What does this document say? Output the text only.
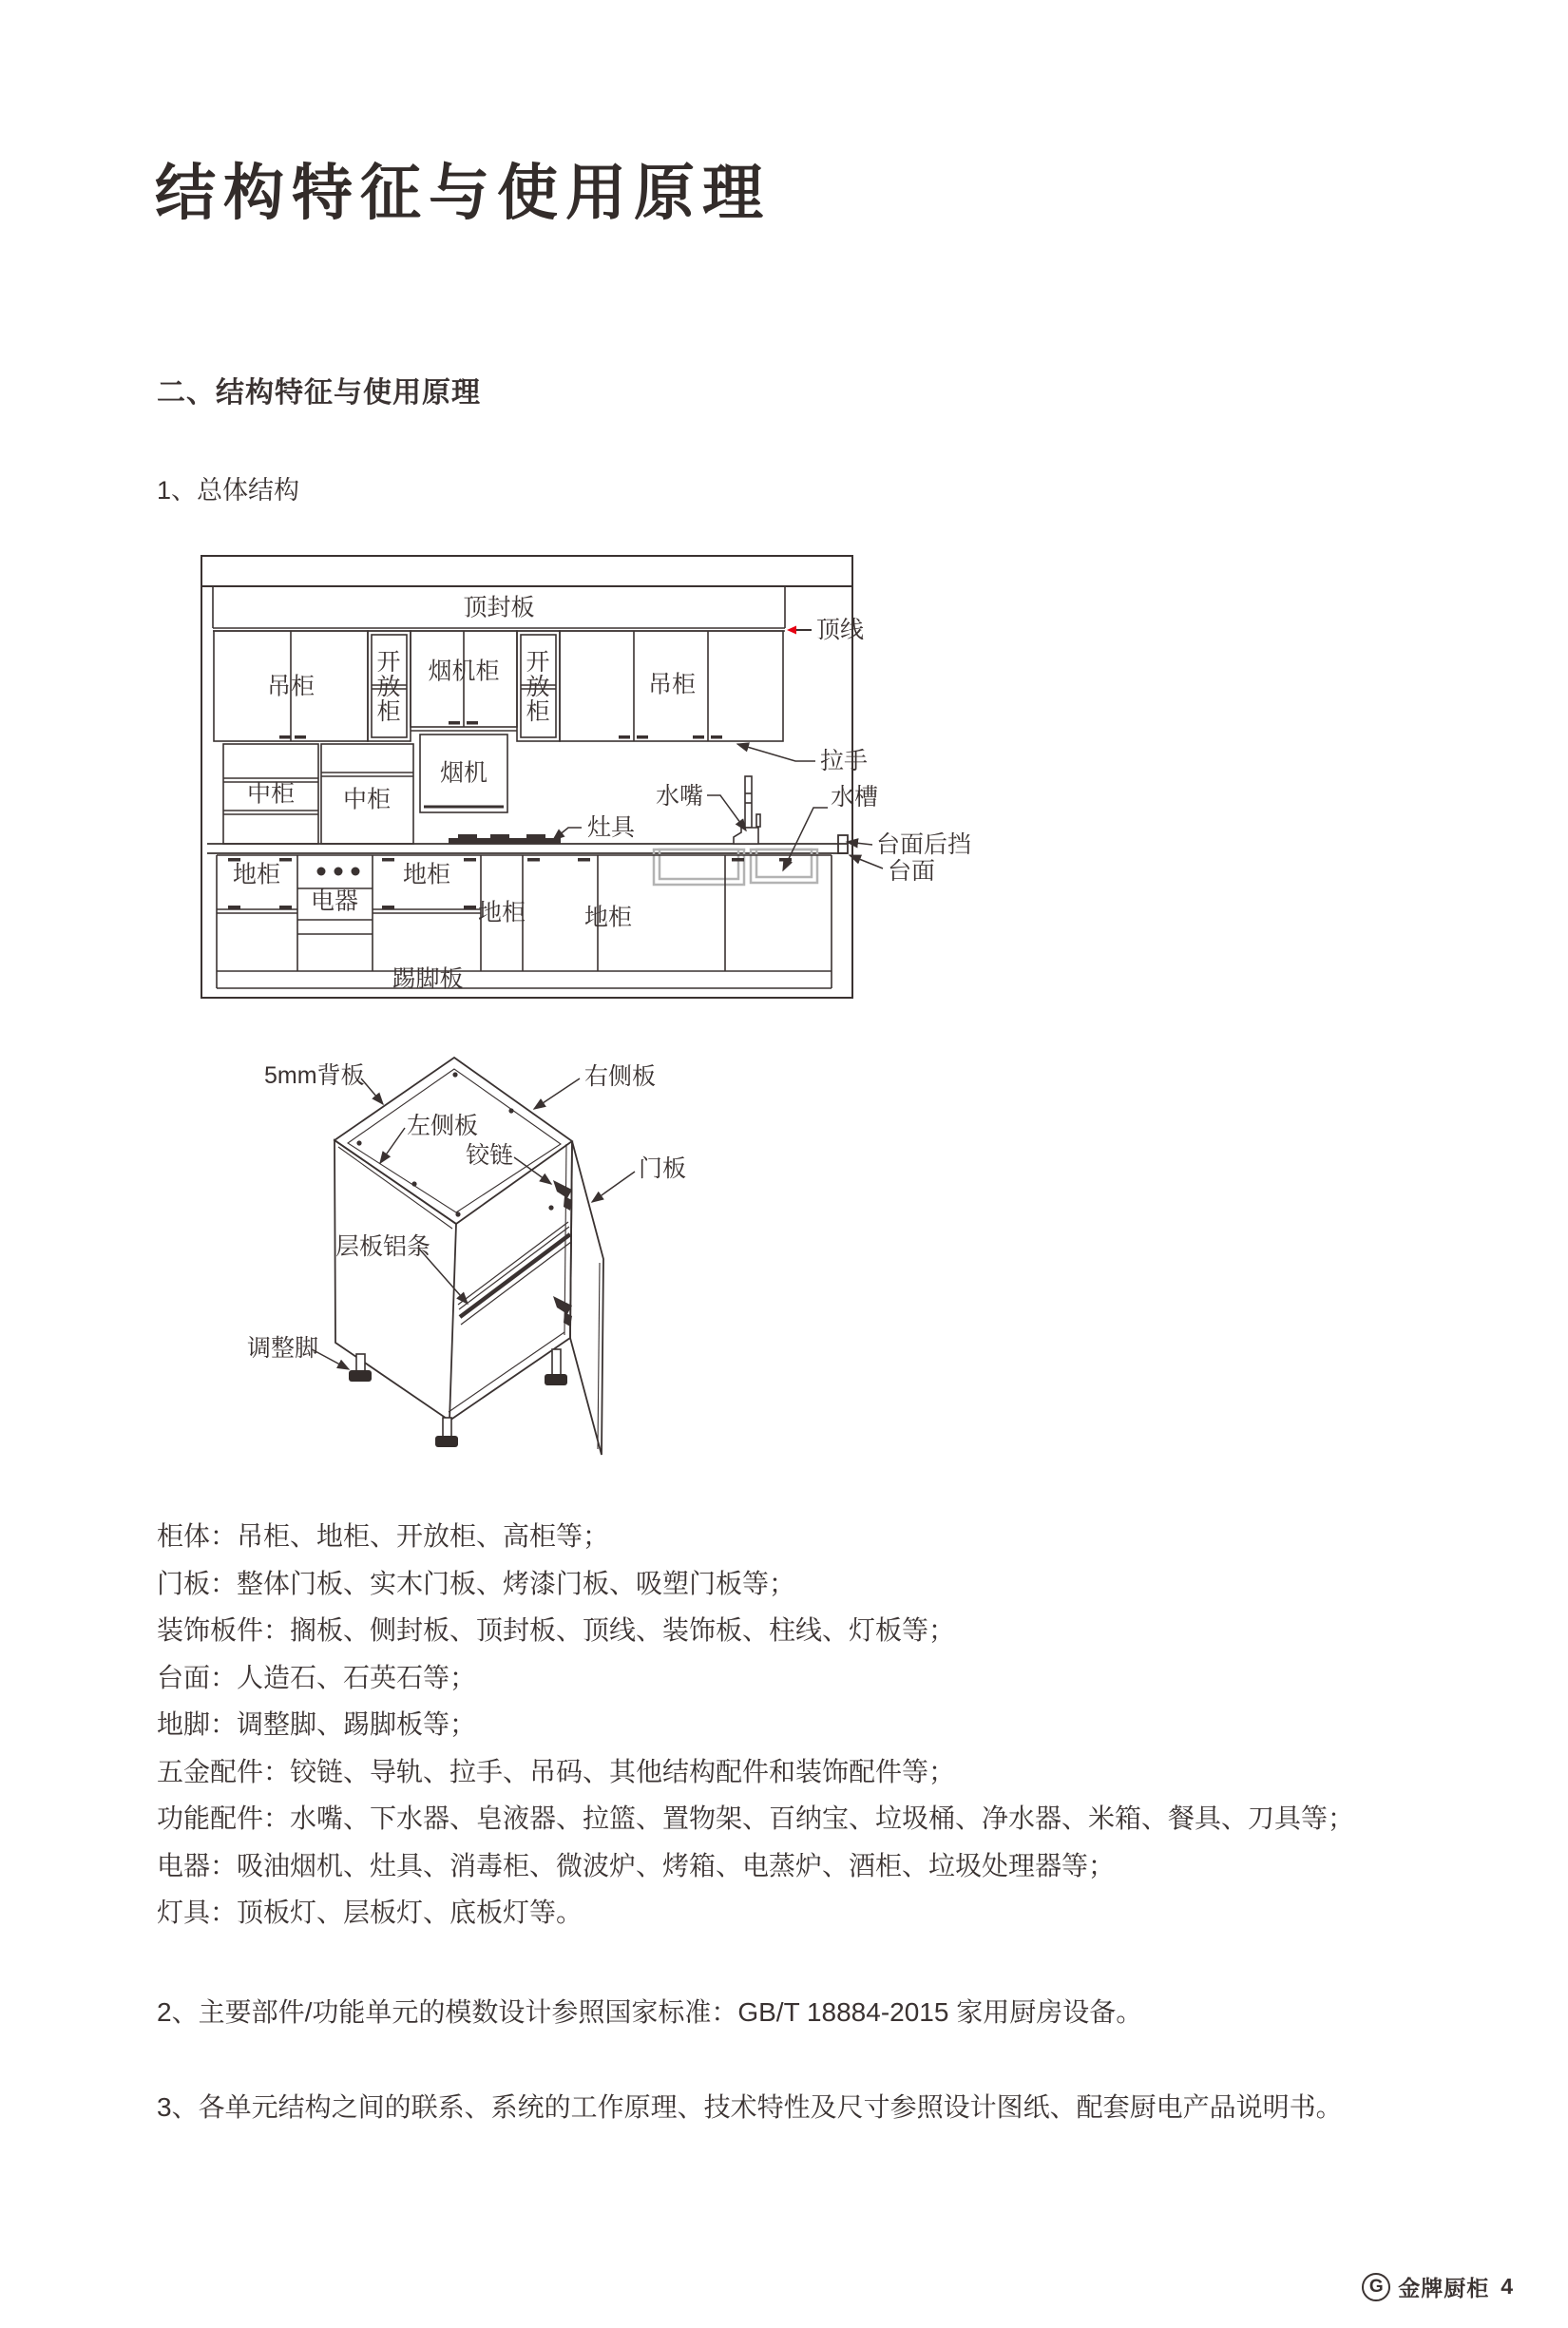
结构特征与使用原理
二、结构特征与使用原理
1、总体结构
顶封板
顶线
吊柜
开放柜
烟机柜 开放柜
吊柜
拉手
中柜 中柜
烟机
灶具
水嘴	水槽
台面后挡
台面
地柜
电器
地柜
地柜 地柜
踢脚板
5mm背板	右侧板
左侧板
铰链	门板
层板铝条
调整脚
柜体：吊柜、地柜、开放柜、高柜等；
门板：整体门板、实木门板、烤漆门板、吸塑门板等；
装饰板件：搁板、侧封板、顶封板、顶线、装饰板、柱线、灯板等；
台面：人造石、石英石等；
地脚：调整脚、踢脚板等；
五金配件：铰链、导轨、拉手、吊码、其他结构配件和装饰配件等；
功能配件：水嘴、下水器、皂液器、拉篮、置物架、百纳宝、垃圾桶、净水器、米箱、餐具、刀具等；
电器：吸油烟机、灶具、消毒柜、微波炉、烤箱、电蒸炉、酒柜、垃圾处理器等；
灯具：顶板灯、层板灯、底板灯等。
2、主要部件/功能单元的模数设计参照国家标准：GB/T 18884-2015 家用厨房设备。
3、各单元结构之间的联系、系统的工作原理、技术特性及尺寸参照设计图纸、配套厨电产品说明书。
G 金牌厨柜 4
